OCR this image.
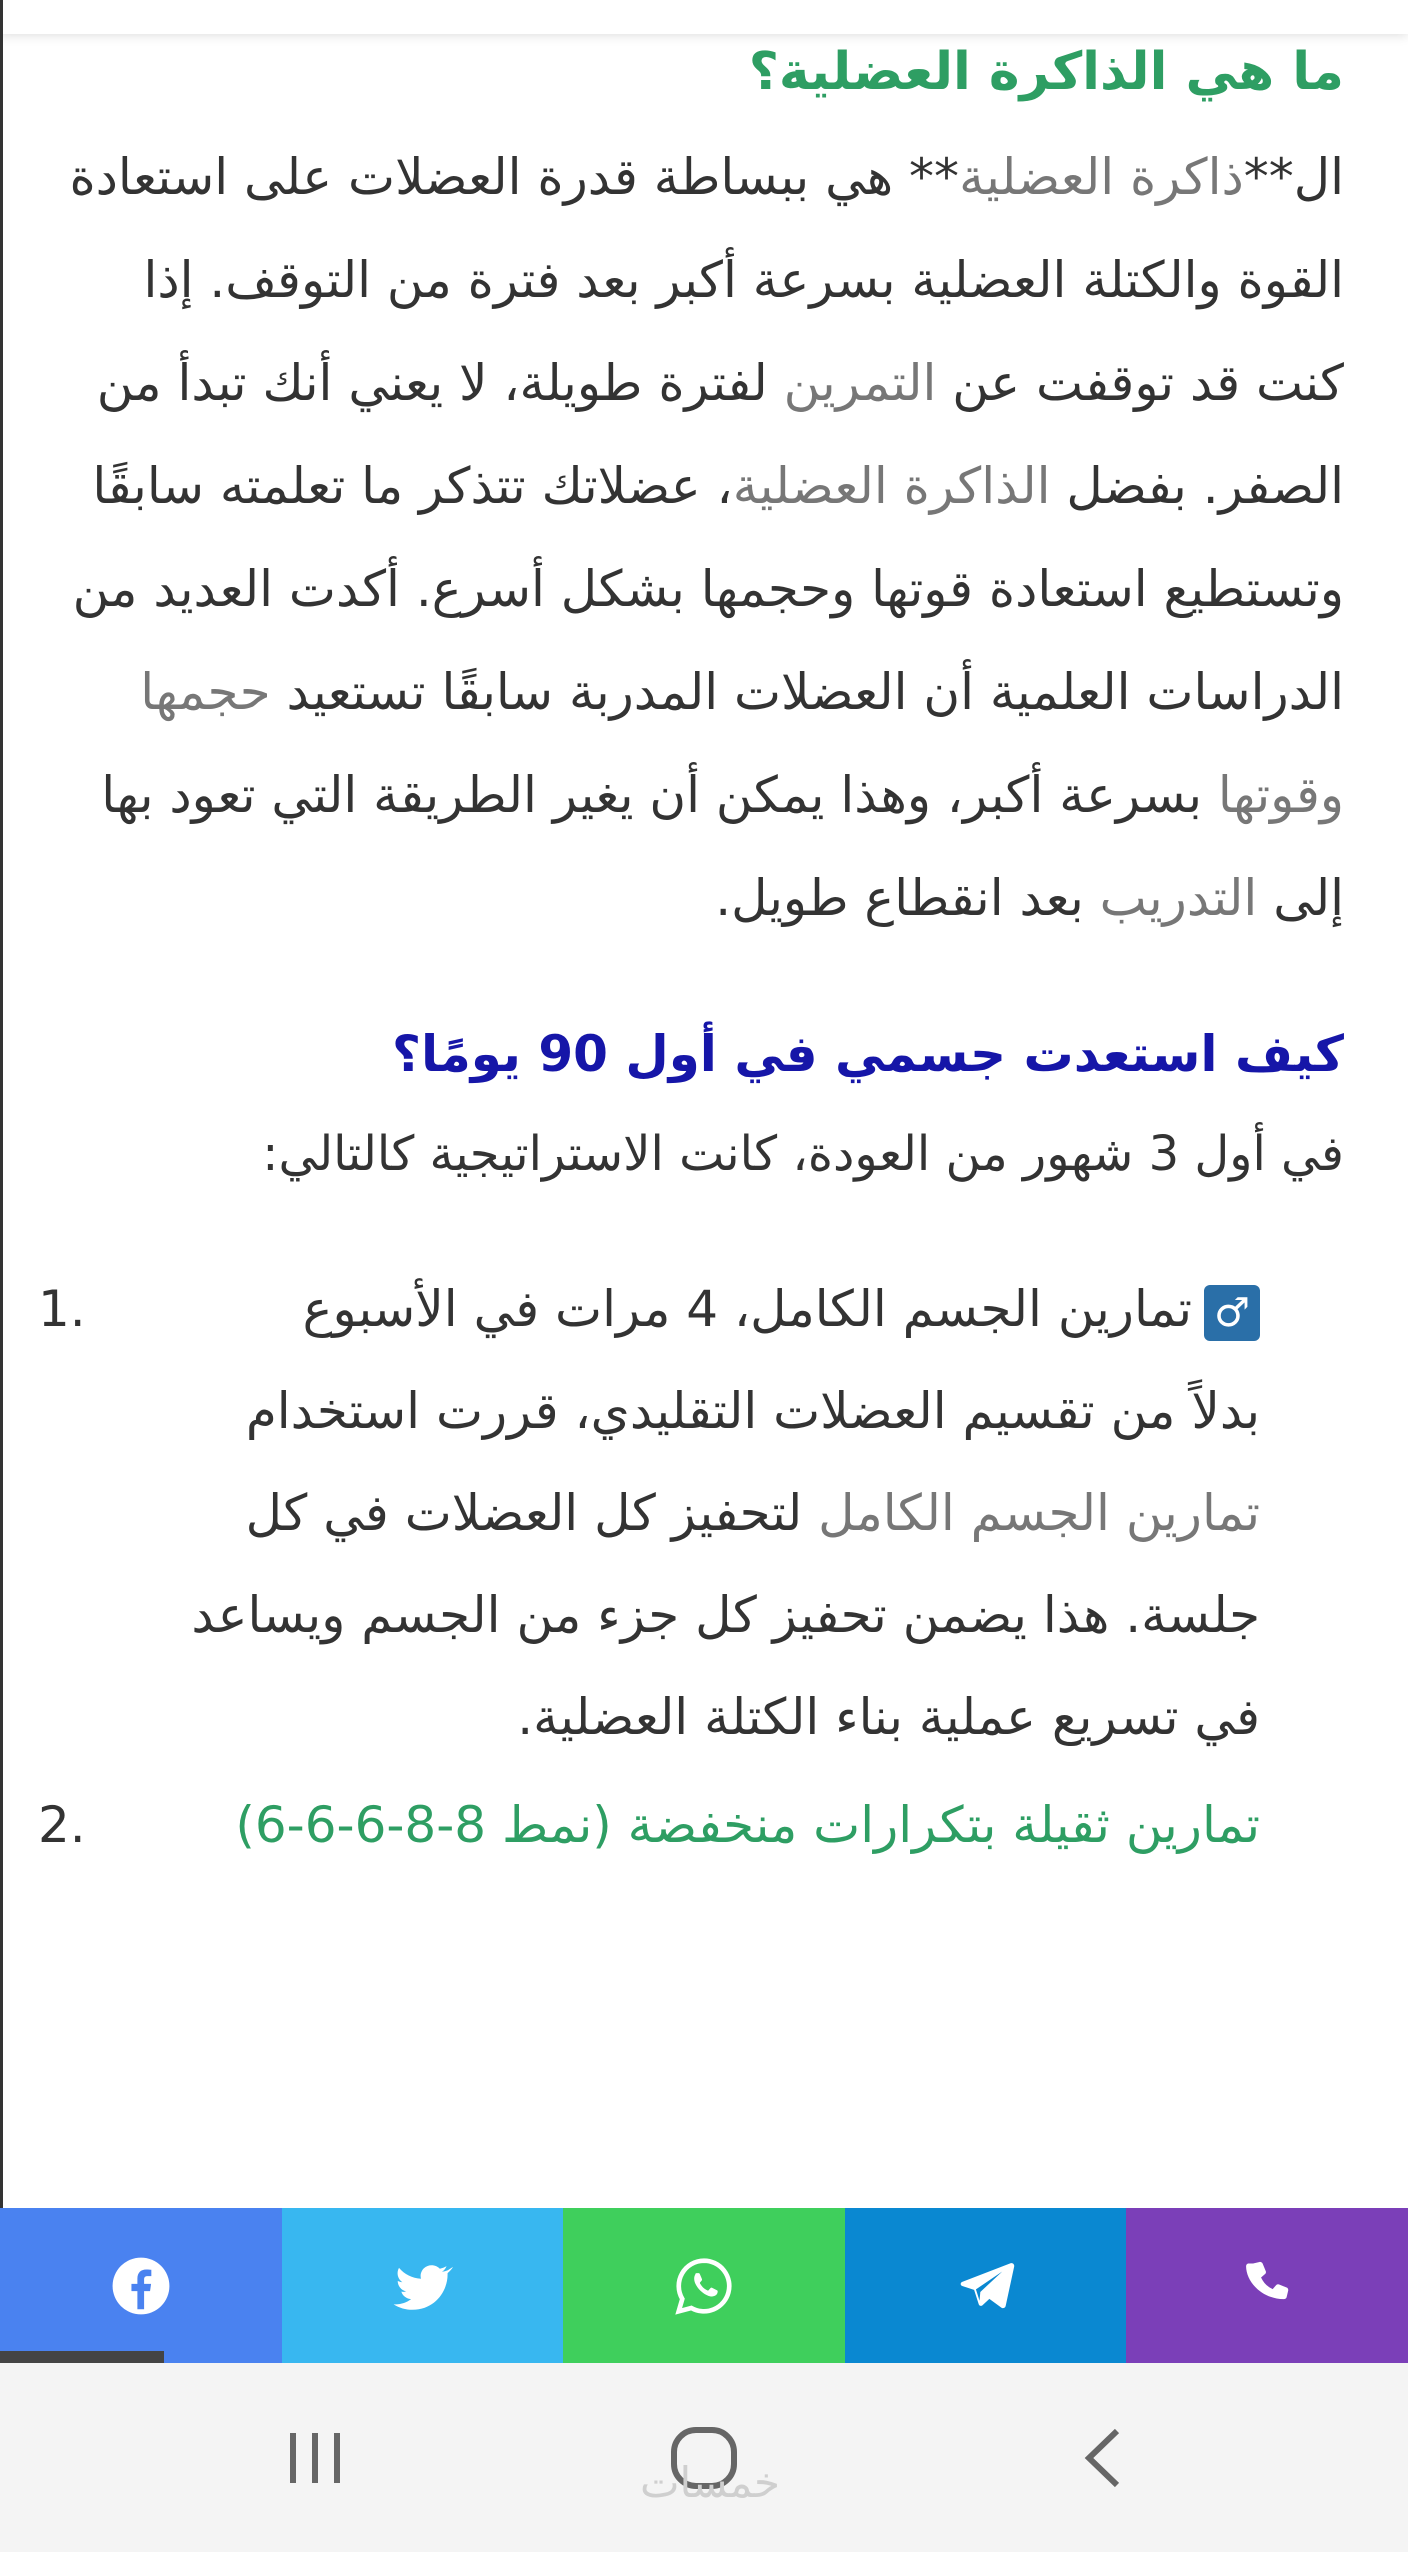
ما هي الذاكرة العضلية؟

ال**ذاكرة العضلية** هي ببساطة قدرة العضلات على استعادة القوة والكتلة العضلية بسرعة أكبر بعد فترة من التوقف. إذا كنت قد توقفت عن التمرين لفترة طويلة، لا يعني أنك تبدأ من الصفر. بفضل الذاكرة العضلية، عضلاتك تتذكر ما تعلمته سابقًا وتستطيع استعادة قوتها وحجمها بشكل أسرع. أكدت العديد من الدراسات العلمية أن العضلات المدربة سابقًا تستعيد حجمها وقوتها بسرعة أكبر، وهذا يمكن أن يغير الطريقة التي تعود بها إلى التدريب بعد انقطاع طويل.

كيف استعدت جسمي في أول 90 يومًا؟

في أول 3 شهور من العودة، كانت الاستراتيجية كالتالي:

1.	♂تمارين الجسم الكامل، 4 مرات في الأسبوع
بدلاً من تقسيم العضلات التقليدي، قررت استخدام تمارين الجسم الكامل لتحفيز كل العضلات في كل جلسة. هذا يضمن تحفيز كل جزء من الجسم ويساعد في تسريع عملية بناء الكتلة العضلية.
2.	تمارين ثقيلة بتكرارات منخفضة (نمط 8-8-6-6-6)
خمسات
